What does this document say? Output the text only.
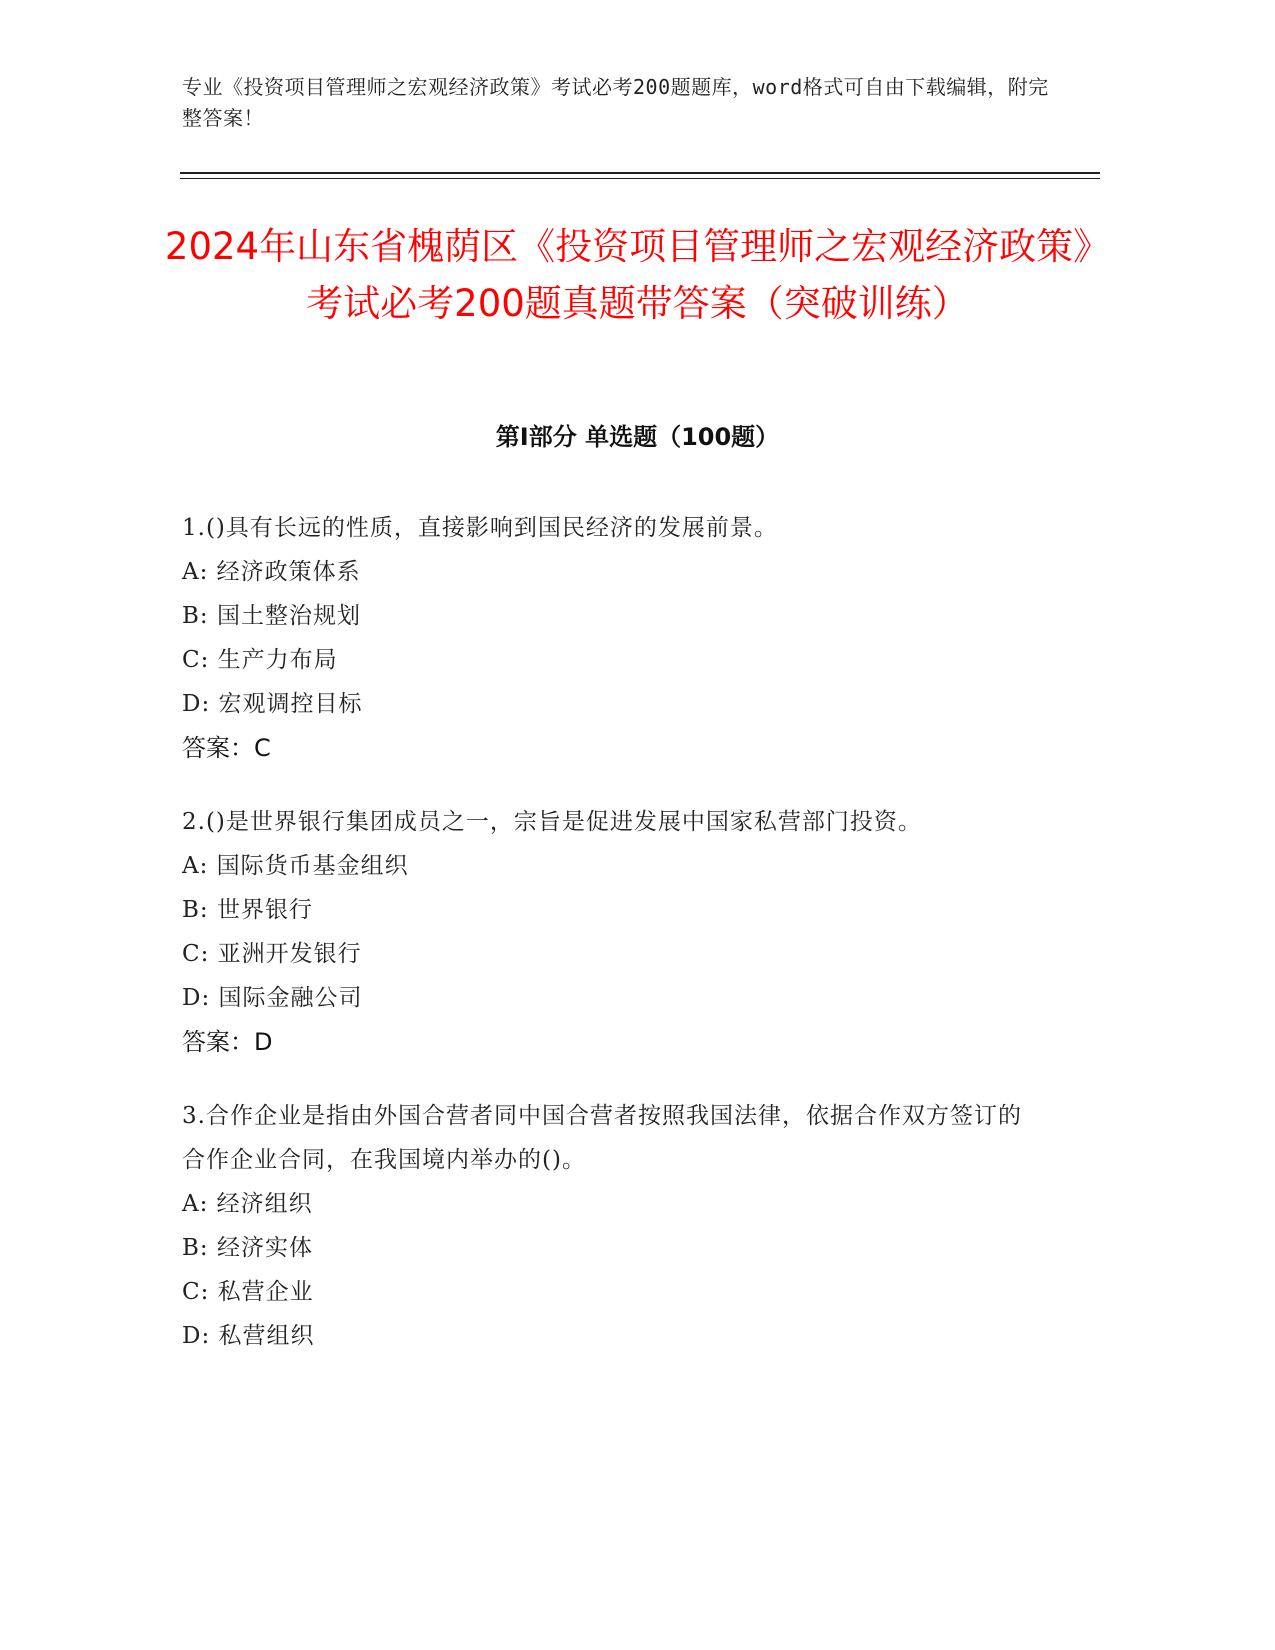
专业《投资项目管理师之宏观经济政策》考试必考200题题库，word格式可自由下载编辑，附完整答案！
2024年山东省槐荫区《投资项目管理师之宏观经济政策》考试必考200题真题带答案（突破训练）
第Ⅰ部分 单选题（100题）
1.()具有长远的性质，直接影响到国民经济的发展前景。
A: 经济政策体系
B: 国土整治规划
C: 生产力布局
D: 宏观调控目标
答案：C
2.()是世界银行集团成员之一，宗旨是促进发展中国家私营部门投资。
A: 国际货币基金组织
B: 世界银行
C: 亚洲开发银行
D: 国际金融公司
答案：D
3.合作企业是指由外国合营者同中国合营者按照我国法律，依据合作双方签订的合作企业合同，在我国境内举办的()。
A: 经济组织
B: 经济实体
C: 私营企业
D: 私营组织
